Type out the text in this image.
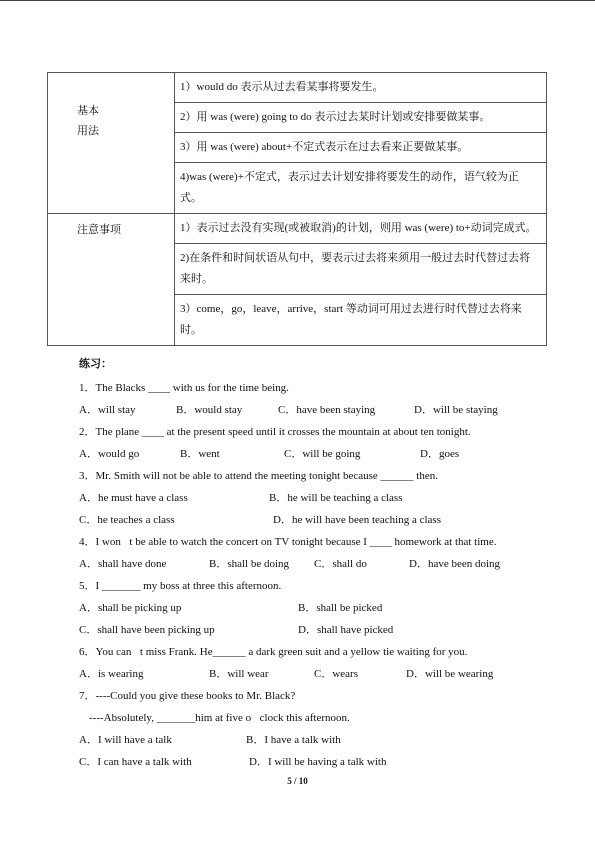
基本
用法	1）would do 表示从过去看某事将要发生。
	2）用 was (were) going to do 表示过去某时计划或安排要做某事。
	3）用 was (were) about+不定式表示在过去看来正要做某事。
	4)was (were)+不定式，表示过去计划安排将要发生的动作，语气较为正式。
注意事项	1）表示过去没有实现(或被取消)的计划，则用 was (were) to+动词完成式。
	2)在条件和时间状语从句中，要表示过去将来须用一般过去时代替过去将来时。
	3）come，go，leave，arrive，start 等动词可用过去进行时代替过去将来时。
练习：
1．The Blacks ____ with us for the time being.
A．will stay	B．would stay	C．have been staying	D．will be staying
2．The plane ____ at the present speed until it crosses the mountain at about ten tonight.
A．would go	B．went	C．will be going	D．goes
3．Mr. Smith will not be able to attend the meeting tonight because ______ then.
A．he must have a class	B．he will be teaching a class
C．he teaches a class	D．he will have been teaching a class
4．I won t be able to watch the concert on TV tonight because I ____ homework at that time.
A．shall have done	B．shall be doing C．shall do	D．have been doing
5．I _______ my boss at three this afternoon.
A．shall be picking up	B．shall be picked
C．shall have been picking up	D．shall have picked
6．You can t miss Frank. He______ a dark green suit and a yellow tie waiting for you.
A．is wearing	B．will wear	C．wears	D．will be wearing
7．----Could you give these books to Mr. Black?
----Absolutely, _______him at five o clock this afternoon.
A．I will have a talk	B．I have a talk with
C．I can have a talk with	D．I will be having a talk with
5 / 10
